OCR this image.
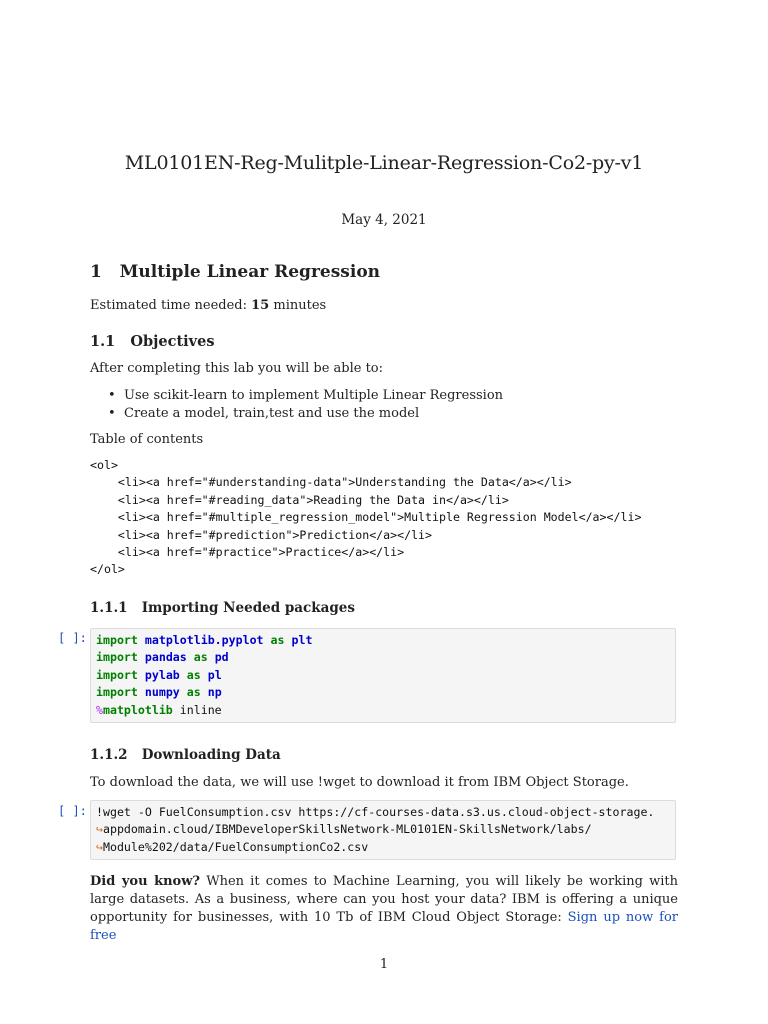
ML0101EN-Reg-Mulitple-Linear-Regression-Co2-py-v1
May 4, 2021
1 Multiple Linear Regression
Estimated time needed: 15 minutes
1.1 Objectives
After completing this lab you will be able to:
• Use scikit-learn to implement Multiple Linear Regression
• Create a model, train,test and use the model
Table of contents
<ol>
<li><a href="#understanding-data">Understanding the Data</a></li>
<li><a href="#reading_data">Reading the Data in</a></li>
<li><a href="#multiple_regression_model">Multiple Regression Model</a></li>
<li><a href="#prediction">Prediction</a></li>
<li><a href="#practice">Practice</a></li>
</ol>
1.1.1 Importing Needed packages
[ ]: import matplotlib.pyplot as plt
import pandas as pd
import pylab as pl
import numpy as np
%matplotlib inline
1.1.2 Downloading Data
To download the data, we will use !wget to download it from IBM Object Storage.
[ ]: !wget -O FuelConsumption.csv https://cf-courses-data.s3.us.cloud-object-storage.
↪appdomain.cloud/IBMDeveloperSkillsNetwork-ML0101EN-SkillsNetwork/labs/
↪Module%202/data/FuelConsumptionCo2.csv
Did you know? When it comes to Machine Learning, you will likely be working with large datasets. As a business, where can you host your data? IBM is offering a unique opportunity for businesses, with 10 Tb of IBM Cloud Object Storage: Sign up now for free
1
